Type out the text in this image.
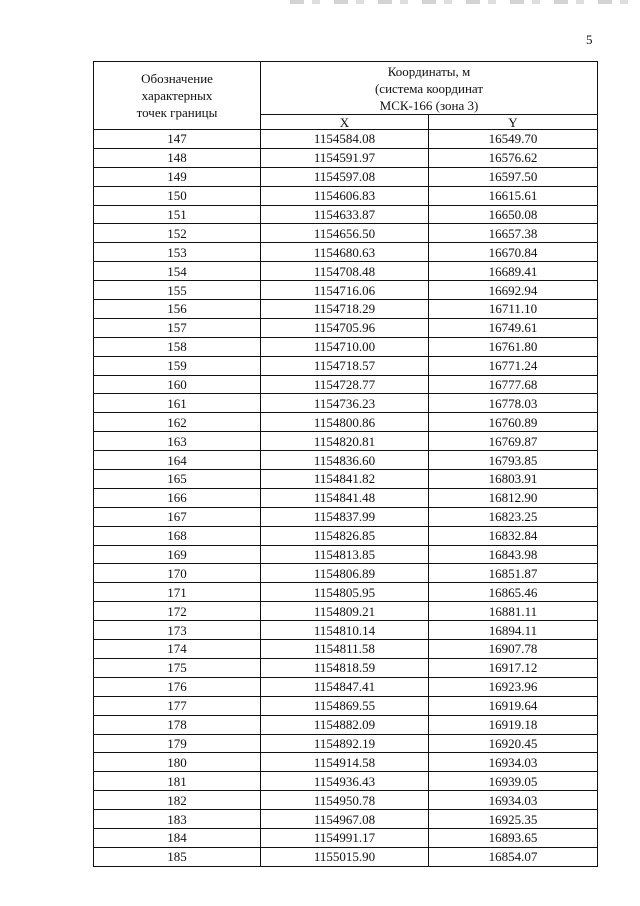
5
Обозначение
характерных
точек границы	Координаты, м
(система координат
МСК-166 (зона 3)	

	X	Y
147	1154584.08	16549.70
148	1154591.97	16576.62
149	1154597.08	16597.50
150	1154606.83	16615.61
151	1154633.87	16650.08
152	1154656.50	16657.38
153	1154680.63	16670.84
154	1154708.48	16689.41
155	1154716.06	16692.94
156	1154718.29	16711.10
157	1154705.96	16749.61
158	1154710.00	16761.80
159	1154718.57	16771.24
160	1154728.77	16777.68
161	1154736.23	16778.03
162	1154800.86	16760.89
163	1154820.81	16769.87
164	1154836.60	16793.85
165	1154841.82	16803.91
166	1154841.48	16812.90
167	1154837.99	16823.25
168	1154826.85	16832.84
169	1154813.85	16843.98
170	1154806.89	16851.87
171	1154805.95	16865.46
172	1154809.21	16881.11
173	1154810.14	16894.11
174	1154811.58	16907.78
175	1154818.59	16917.12
176	1154847.41	16923.96
177	1154869.55	16919.64
178	1154882.09	16919.18
179	1154892.19	16920.45
180	1154914.58	16934.03
181	1154936.43	16939.05
182	1154950.78	16934.03
183	1154967.08	16925.35
184	1154991.17	16893.65
185	1155015.90	16854.07
